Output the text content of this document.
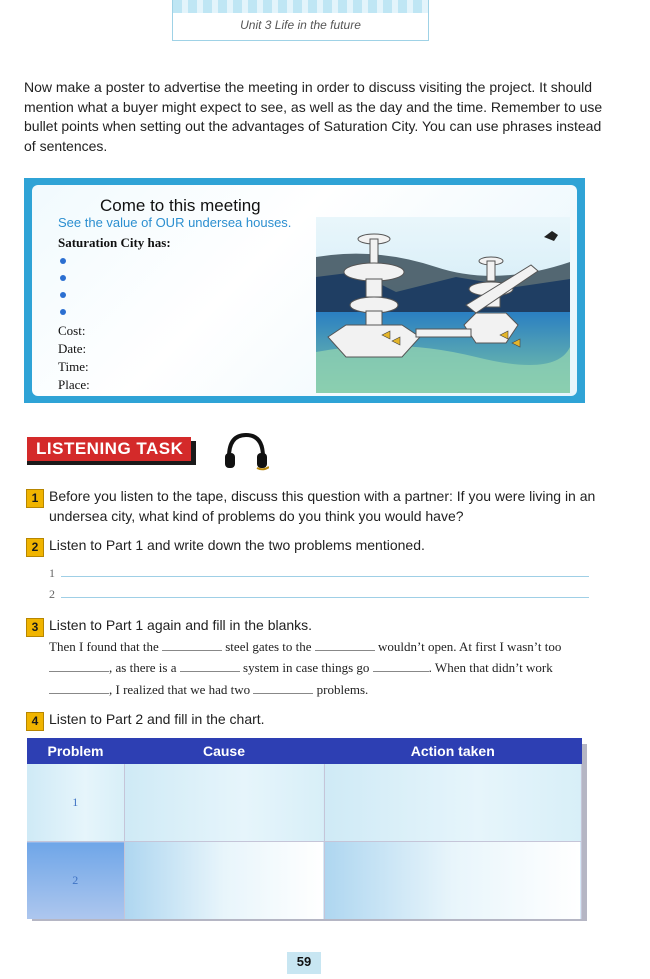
Unit 3 Life in the future
Now make a poster to advertise the meeting in order to discuss visiting the project. It should mention what a buyer might expect to see, as well as the day and the time. Remember to use bullet points when setting out the advantages of Saturation City. You can use phrases instead of sentences.
Come to this meeting
See the value of OUR undersea houses.
Saturation City has:
Cost:
Date:
Time:
Place:
LISTENING TASK
1 Before you listen to the tape, discuss this question with a partner: If you were living in an undersea city, what kind of problems do you think you would have?
2 Listen to Part 1 and write down the two problems mentioned.
1
2
3 Listen to Part 1 again and fill in the blanks.
Then I found that the	steel gates to the	wouldn’t open. At first I wasn’t too
, as there is a	system in case things go	. When that didn’t work
, I realized that we had two	problems.
4 Listen to Part 2 and fill in the chart.
Problem	Cause	Action taken
1		
2		
59
